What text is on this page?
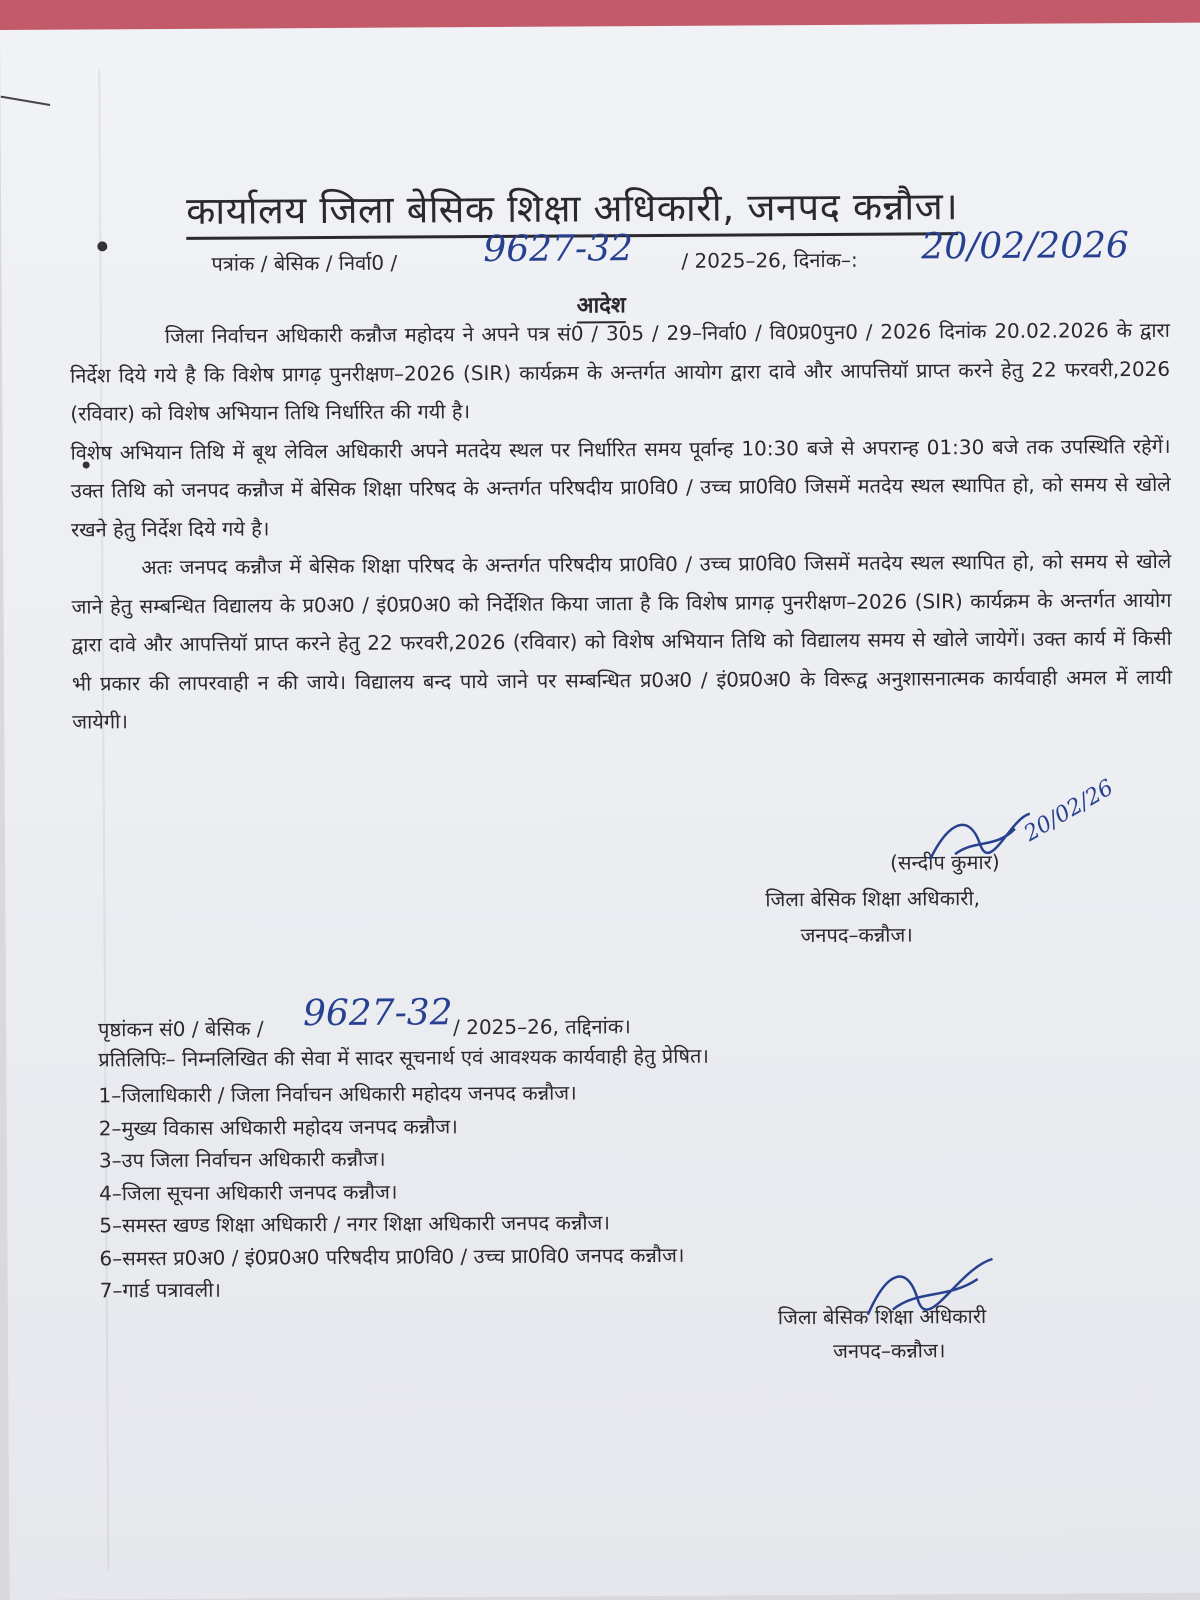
कार्यालय जिला बेसिक शिक्षा अधिकारी, जनपद कन्नौज।
पत्रांक / बेसिक / निर्वा0 / 9627-32 / 2025–26, दिनांक–: 20/02/2026
आदेश

जिला निर्वाचन अधिकारी कन्नौज महोदय ने अपने पत्र सं0 / 305 / 29–निर्वा0 / वि0प्र0पुन0 / 2026 दिनांक 20.02.2026 के द्वारा निर्देश दिये गये है कि विशेष प्रागढ़ पुनरीक्षण–2026 (SIR) कार्यक्रम के अन्तर्गत आयोग द्वारा दावे और आपत्तियॉ प्राप्त करने हेतु 22 फरवरी,2026 (रविवार) को विशेष अभियान तिथि निर्धारित की गयी है।

विशेष अभियान तिथि में बूथ लेविल अधिकारी अपने मतदेय स्थल पर निर्धारित समय पूर्वान्ह 10:30 बजे से अपरान्ह 01:30 बजे तक उपस्थिति रहेगें। उक्त तिथि को जनपद कन्नौज में बेसिक शिक्षा परिषद के अन्तर्गत परिषदीय प्रा0वि0 / उच्च प्रा0वि0 जिसमें मतदेय स्थल स्थापित हो, को समय से खोले रखने हेतु निर्देश दिये गये है।

अतः जनपद कन्नौज में बेसिक शिक्षा परिषद के अन्तर्गत परिषदीय प्रा0वि0 / उच्च प्रा0वि0 जिसमें मतदेय स्थल स्थापित हो, को समय से खोले जाने हेतु सम्बन्धित विद्यालय के प्र0अ0 / इं0प्र0अ0 को निर्देशित किया जाता है कि विशेष प्रागढ़ पुनरीक्षण–2026 (SIR) कार्यक्रम के अन्तर्गत आयोग द्वारा दावे और आपत्तियॉ प्राप्त करने हेतु 22 फरवरी,2026 (रविवार) को विशेष अभियान तिथि को विद्यालय समय से खोले जायेगें। उक्त कार्य में किसी भी प्रकार की लापरवाही न की जाये। विद्यालय बन्द पाये जाने पर सम्बन्धित प्र0अ0 / इं0प्र0अ0 के विरूद्व अनुशासनात्मक कार्यवाही अमल में लायी जायेगी।

20/02/26
(सन्दीप कुमार)
जिला बेसिक शिक्षा अधिकारी,
जनपद–कन्नौज।
पृष्ठांकन सं0 / बेसिक / 9627-32 / 2025–26, तद्दिनांक।
प्रतिलिपिः– निम्नलिखित की सेवा में सादर सूचनार्थ एवं आवश्यक कार्यवाही हेतु प्रेषित।
1–जिलाधिकारी / जिला निर्वाचन अधिकारी महोदय जनपद कन्नौज।
2–मुख्य विकास अधिकारी महोदय जनपद कन्नौज।
3–उप जिला निर्वाचन अधिकारी कन्नौज।
4–जिला सूचना अधिकारी जनपद कन्नौज।
5–समस्त खण्ड शिक्षा अधिकारी / नगर शिक्षा अधिकारी जनपद कन्नौज।
6–समस्त प्र0अ0 / इं0प्र0अ0 परिषदीय प्रा0वि0 / उच्च प्रा0वि0 जनपद कन्नौज।
7–गार्ड पत्रावली।
जिला बेसिक शिक्षा अधिकारी
जनपद–कन्नौज।
